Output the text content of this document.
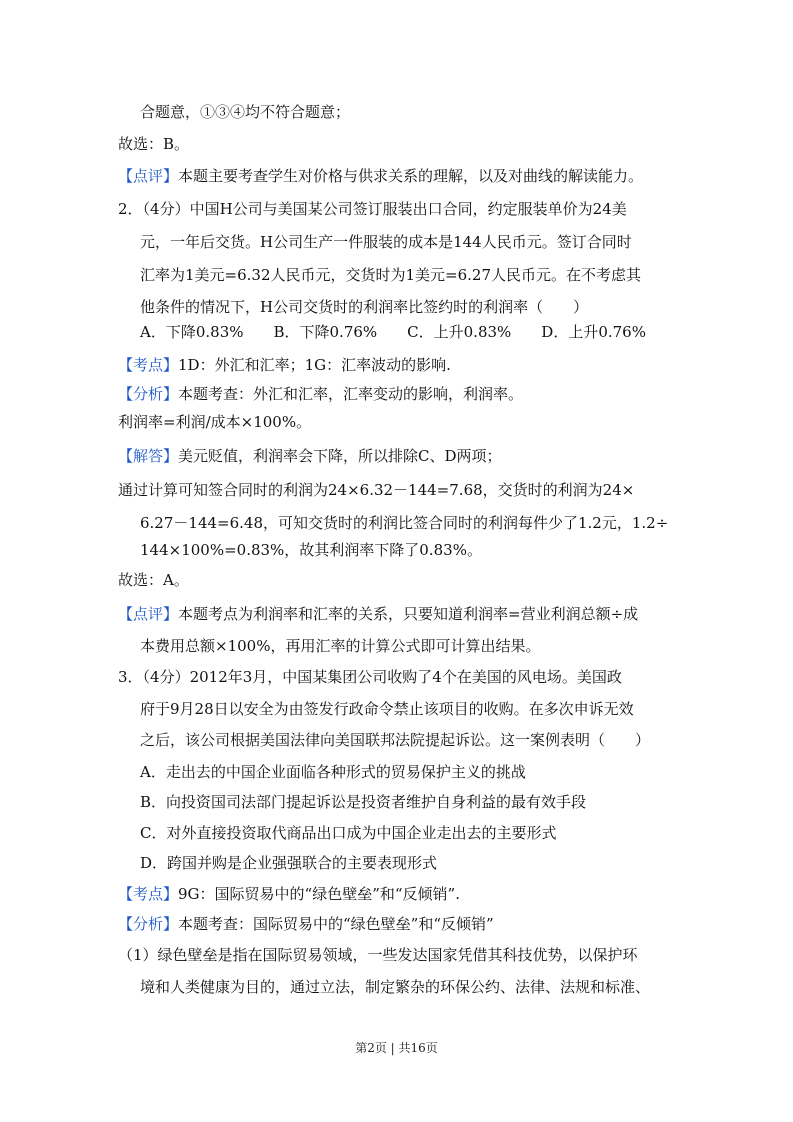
合题意，①③④均不符合题意；
故选：B。
【点评】本题主要考查学生对价格与供求关系的理解，以及对曲线的解读能力。
2．（4分）中国H公司与美国某公司签订服装出口合同，约定服装单价为24美
元，一年后交货。H公司生产一件服装的成本是144人民币元。签订合同时
汇率为1美元=6.32人民币元，交货时为1美元=6.27人民币元。在不考虑其
他条件的情况下，H公司交货时的利润率比签约时的利润率（　　）
A．下降0.83%　　B．下降0.76%　　C．上升0.83%　　D．上升0.76%
【考点】1D：外汇和汇率；1G：汇率波动的影响.
【分析】本题考查：外汇和汇率，汇率变动的影响，利润率。
利润率=利润/成本×100%。
【解答】美元贬值，利润率会下降，所以排除C、D两项；
通过计算可知签合同时的利润为24×6.32－144=7.68，交货时的利润为24×
6.27－144=6.48，可知交货时的利润比签合同时的利润每件少了1.2元，1.2÷
144×100%=0.83%，故其利润率下降了0.83%。
故选：A。
【点评】本题考点为利润率和汇率的关系，只要知道利润率=营业利润总额÷成
本费用总额×100%，再用汇率的计算公式即可计算出结果。
3．（4分）2012年3月，中国某集团公司收购了4个在美国的风电场。美国政
府于9月28日以安全为由签发行政命令禁止该项目的收购。在多次申诉无效
之后，该公司根据美国法律向美国联邦法院提起诉讼。这一案例表明（　　）
A．走出去的中国企业面临各种形式的贸易保护主义的挑战
B．向投资国司法部门提起诉讼是投资者维护自身利益的最有效手段
C．对外直接投资取代商品出口成为中国企业走出去的主要形式
D．跨国并购是企业强强联合的主要表现形式
【考点】9G：国际贸易中的“绿色壁垒”和“反倾销”.
【分析】本题考查：国际贸易中的“绿色壁垒”和“反倾销”
（1）绿色壁垒是指在国际贸易领域，一些发达国家凭借其科技优势，以保护环
境和人类健康为目的，通过立法，制定繁杂的环保公约、法律、法规和标准、
第2页 | 共16页
